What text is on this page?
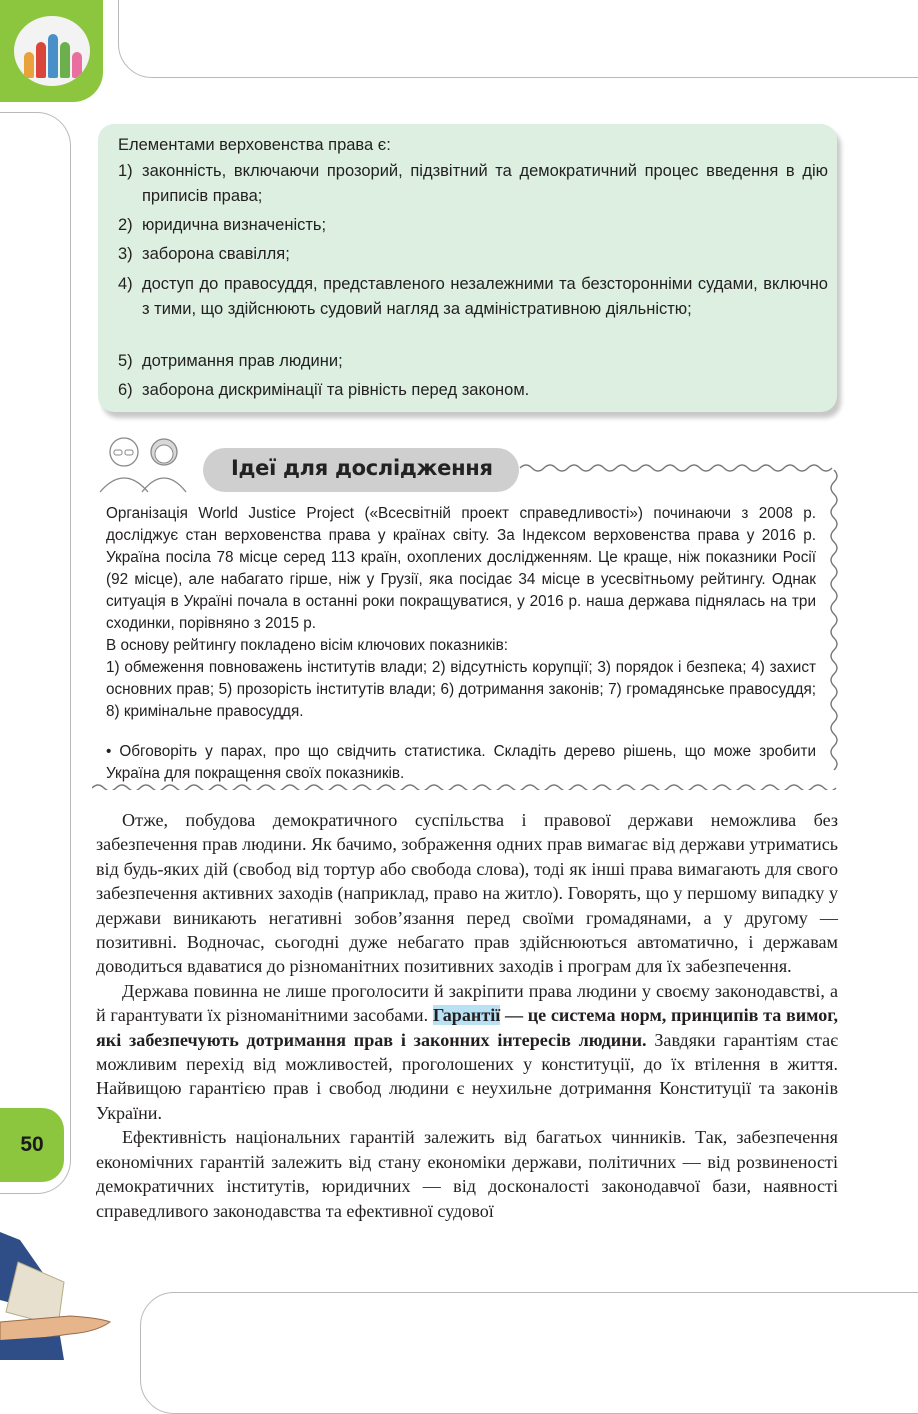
Елементами верховенства права є:
1) законність, включаючи прозорий, підзвітний та демократичний процес введення в дію приписів права;
2) юридична визначеність;
3) заборона свавілля;
4) доступ до правосуддя, представленого незалежними та безсторонніми судами, включно з тими, що здійснюють судовий нагляд за адміністративною діяльністю;
5) дотримання прав людини;
6) заборона дискримінації та рівність перед законом.
Ідеї для дослідження

Організація World Justice Project («Всесвітній проект справедливості») починаючи з 2008 р. досліджує стан верховенства права у країнах світу. За Індексом верховенства права у 2016 р. Україна посіла 78 місце серед 113 країн, охоплених дослідженням. Це краще, ніж показники Росії (92 місце), але набагато гірше, ніж у Грузії, яка посідає 34 місце в усесвітньому рейтингу. Однак ситуація в Україні почала в останні роки покращуватися, у 2016 р. наша держава піднялась на три сходинки, порівняно з 2015 р.

В основу рейтингу покладено вісім ключових показників:

1) обмеження повноважень інститутів влади; 2) відсутність корупції; 3) порядок і безпека; 4) захист основних прав; 5) прозорість інститутів влади; 6) дотримання законів; 7) громадянське правосуддя; 8) кримінальне правосуддя.

• Обговоріть у парах, про що свідчить статистика. Складіть дерево рішень, що може зробити Україна для покращення своїх показників.

Отже, побудова демократичного суспільства і правової держави неможлива без забезпечення прав людини. Як бачимо, зображення одних прав вимагає від держави утриматись від будь-яких дій (свобод від тортур або свобода слова), тоді як інші права вимагають для свого забезпечення активних заходів (наприклад, право на житло). Говорять, що у першому випадку у держави виникають негативні зобов’язання перед своїми громадянами, а у другому — позитивні. Водночас, сьогодні дуже небагато прав здійснюються автоматично, і державам доводиться вдаватися до різноманітних позитивних заходів і програм для їх забезпечення.

Держава повинна не лише проголосити й закріпити права людини у своєму законодавстві, а й гарантувати їх різноманітними засобами. Гарантії — це система норм, принципів та вимог, які забезпечують дотримання прав і законних інтересів людини. Завдяки гарантіям стає можливим перехід від можливостей, проголошених у конституції, до їх втілення в життя. Найвищою гарантією прав і свобод людини є неухильне дотримання Конституції та законів України.

Ефективність національних гарантій залежить від багатьох чинників. Так, забезпечення економічних гарантій залежить від стану економіки держави, політичних — від розвиненості демократичних інститутів, юридичних — від досконалості законодавчої бази, наявності справедливого законодавства та ефективної судової

50
